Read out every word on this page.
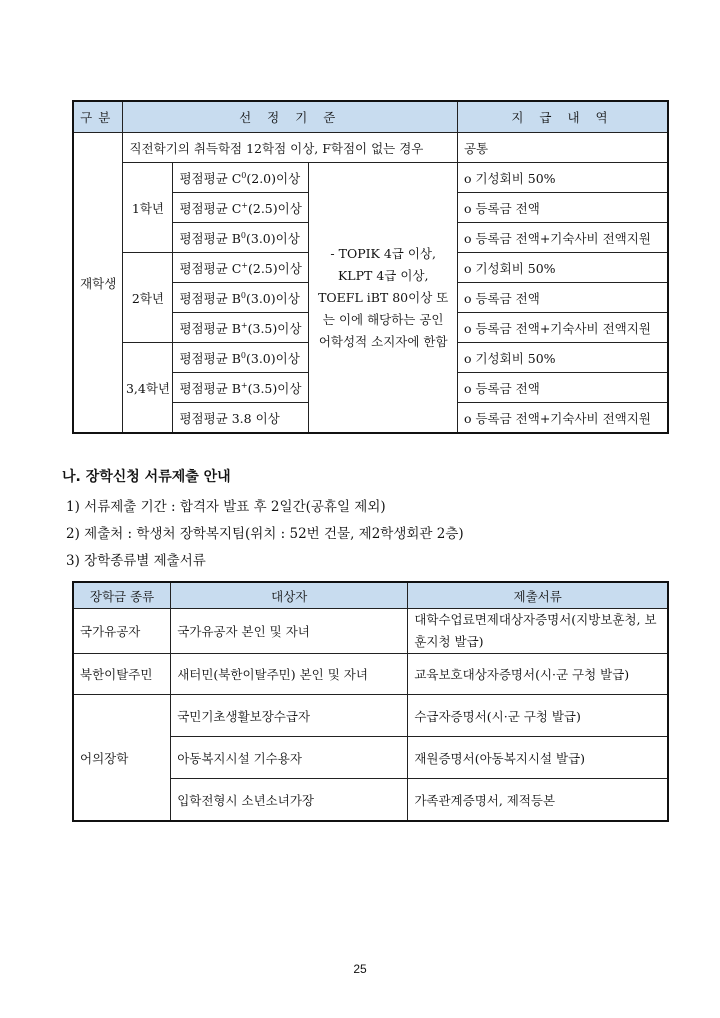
구분	선 정 기 준			지 급 내 역
재학생	직전학기의 취득학점 12학점 이상, F학점이 없는 경우			공통
	1학년	평점평균 $C^0(2.0)$이상	- TOPIK 4급 이상, KLPT 4급 이상, TOEFL iBT 80이상 또는 이에 해당하는 공인 어학성적 소지자에 한함	o 기성회비 50%
		평점평균 C+(2.5)이상		o 등록금 전액
		평점평균 $B^0(3.0)$이상		o 등록금 전액+기숙사비 전액지원
	2학년	평점평균 C+(2.5)이상		o 기성회비 50%
		평점평균 $B^0(3.0)$이상		o 등록금 전액
		평점평균 B+(3.5)이상		o 등록금 전액+기숙사비 전액지원
	3,4학년	평점평균 $B^0(3.0)$이상		o 기성회비 50%
		평점평균 B+(3.5)이상		o 등록금 전액
		평점평균 3.8 이상		o 등록금 전액+기숙사비 전액지원
나. 장학신청 서류제출 안내
1) 서류제출 기간 : 합격자 발표 후 2일간(공휴일 제외)
2) 제출처 : 학생처 장학복지팀(위치 : 52번 건물, 제2학생회관 2층)
3) 장학종류별 제출서류
장학금 종류	대상자	제출서류
국가유공자	국가유공자 본인 및 자녀	대학수업료면제대상자증명서(지방보훈청, 보훈지청 발급)
북한이탈주민	새터민(북한이탈주민) 본인 및 자녀	교육보호대상자증명서(시·군 구청 발급)
어의장학	국민기초생활보장수급자	수급자증명서(시·군 구청 발급)
	아동복지시설 기수용자	재원증명서(아동복지시설 발급)
	입학전형시 소년소녀가장	가족관계증명서, 제적등본
25
